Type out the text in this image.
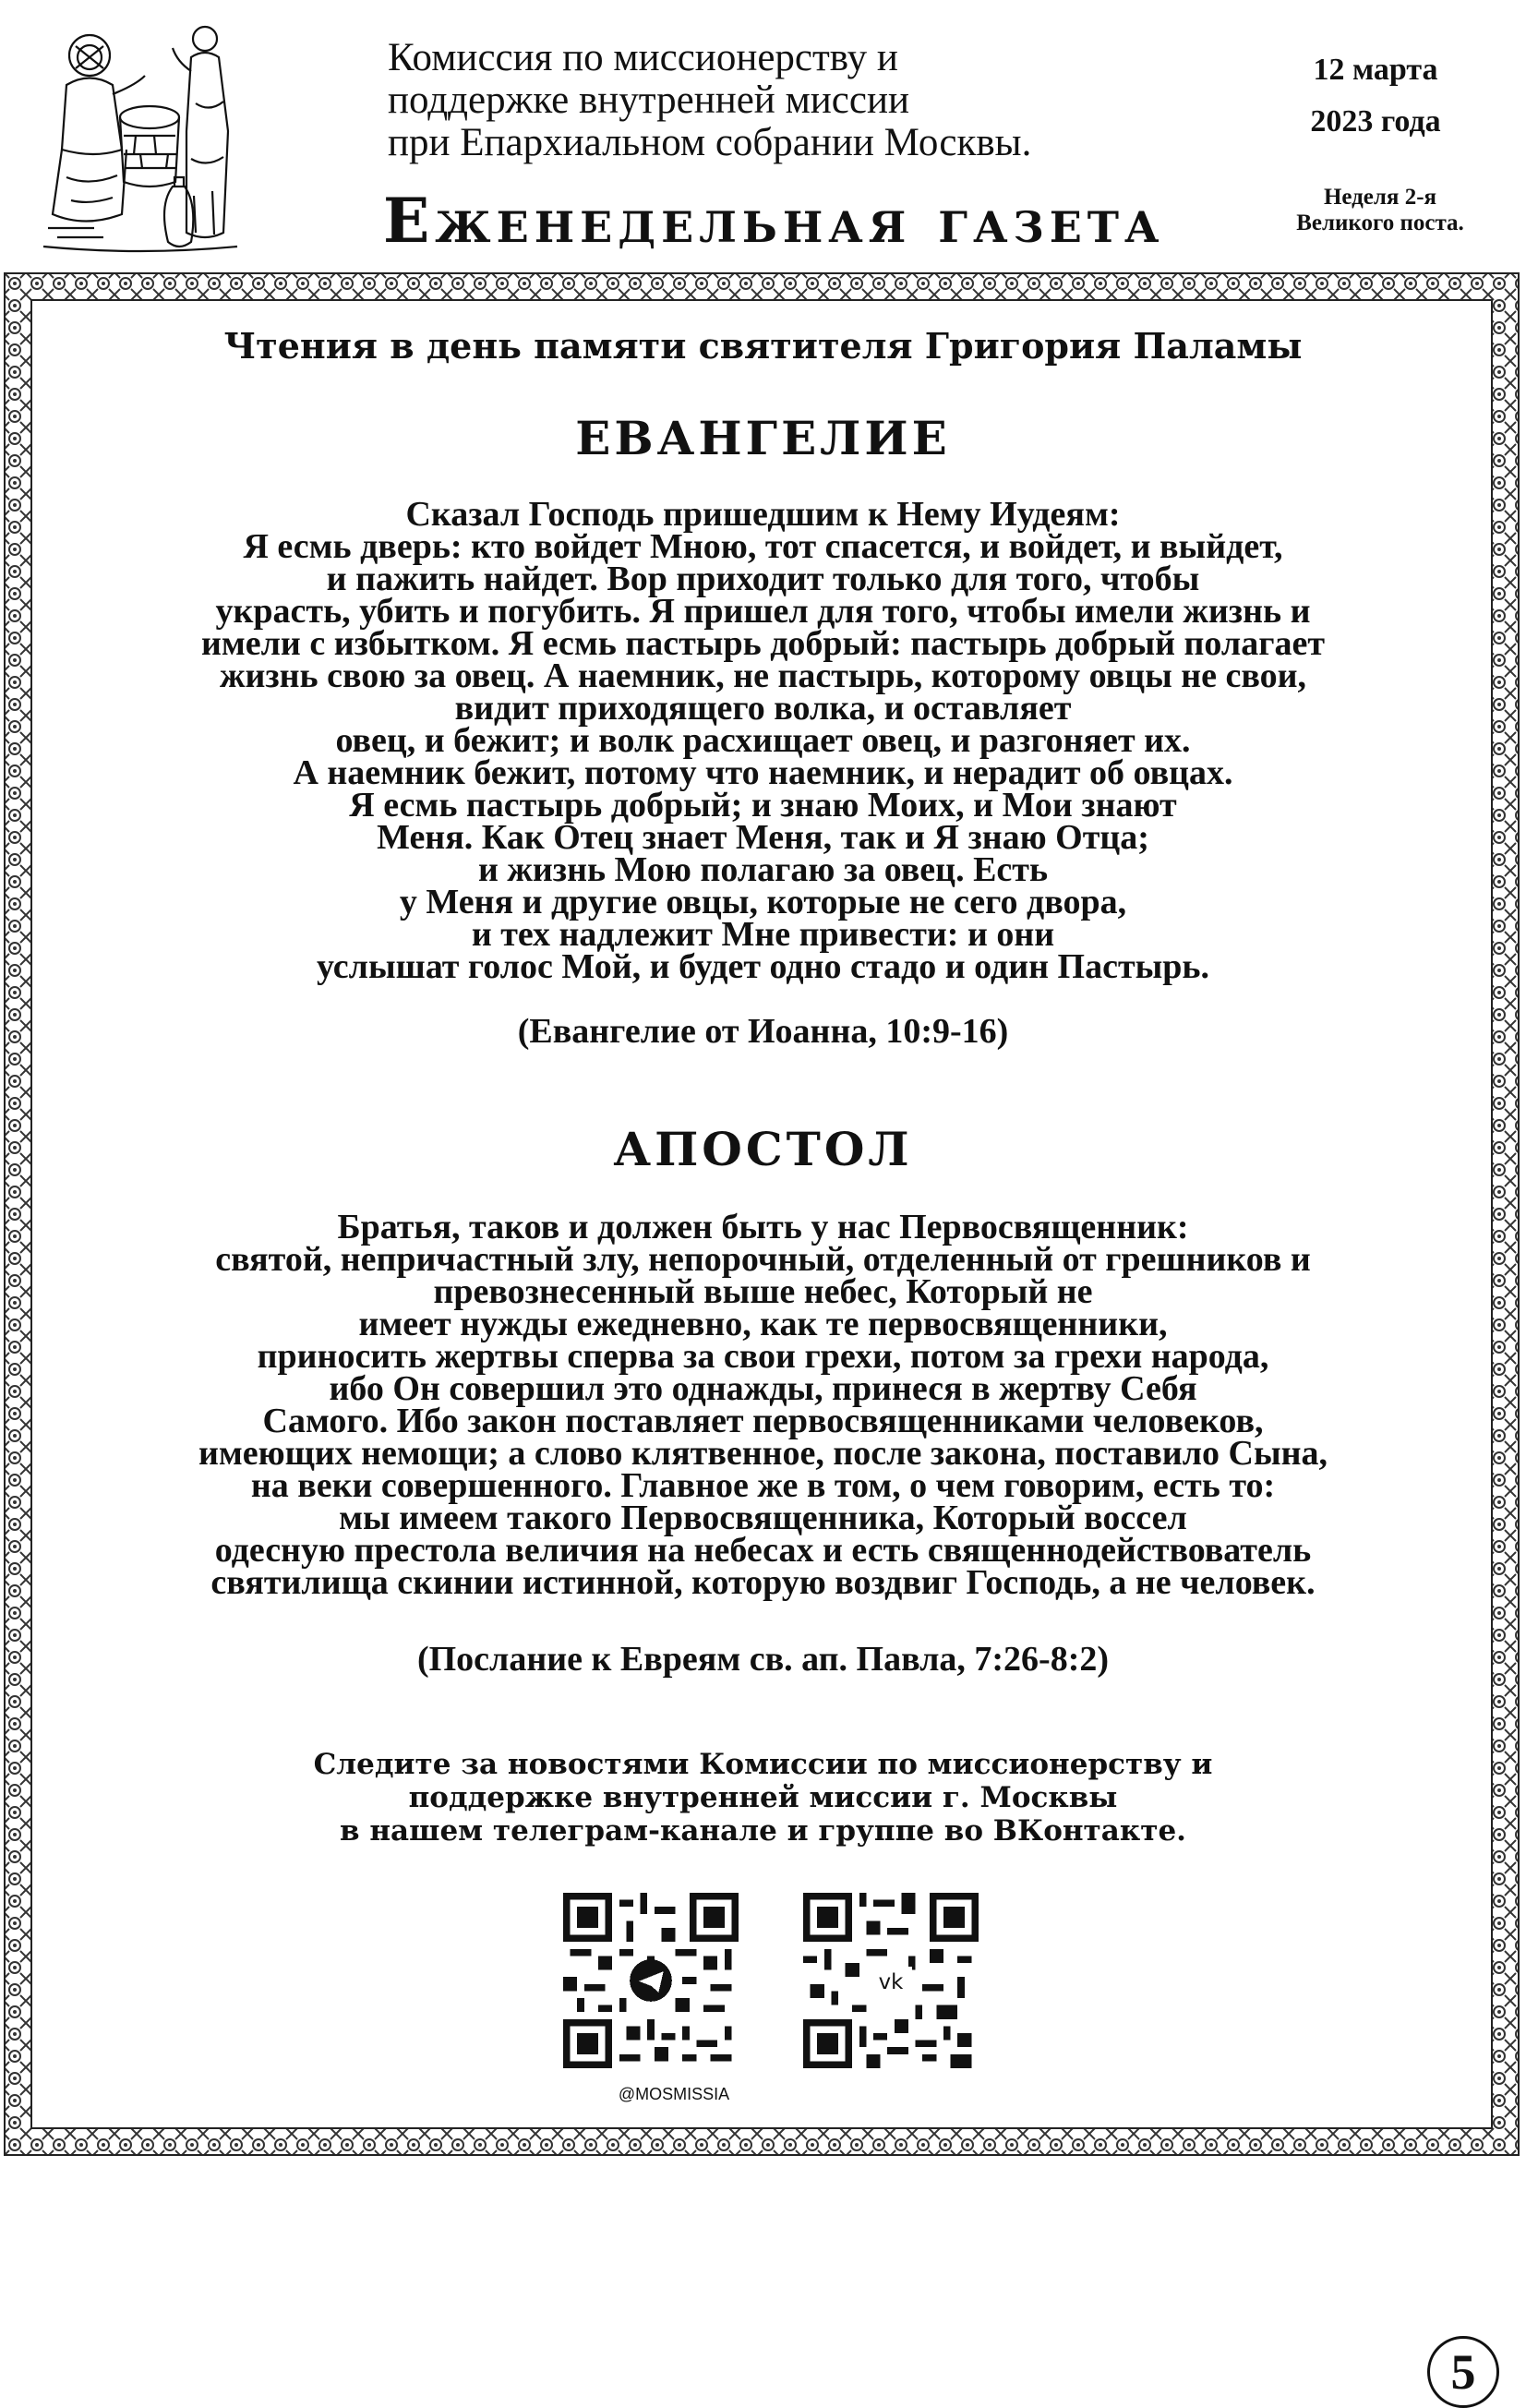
Комиссия по миссионерству и
поддержке внутренней миссии
при Епархиальном собрании Москвы.
Еженедельная газета
12 марта
2023 года
Неделя 2-я
Великого поста.
Чтения в день памяти святителя Григория Паламы
ЕВАНГЕЛИЕ
Сказал Господь пришедшим к Нему Иудеям:
Я есмь дверь: кто войдет Мною, тот спасется, и войдет, и выйдет,
и пажить найдет. Вор приходит только для того, чтобы
украсть, убить и погубить. Я пришел для того, чтобы имели жизнь и
имели с избытком. Я есмь пастырь добрый: пастырь добрый полагает
жизнь свою за овец. А наемник, не пастырь, которому овцы не свои,
видит приходящего волка, и оставляет
овец, и бежит; и волк расхищает овец, и разгоняет их.
А наемник бежит, потому что наемник, и нерадит об овцах.
Я есмь пастырь добрый; и знаю Моих, и Мои знают
Меня. Как Отец знает Меня, так и Я знаю Отца;
и жизнь Мою полагаю за овец. Есть
у Меня и другие овцы, которые не сего двора,
и тех надлежит Мне привести: и они
услышат голос Мой, и будет одно стадо и один Пастырь.
(Евангелие от Иоанна, 10:9-16)
АПОСТОЛ
Братья, таков и должен быть у нас Первосвященник:
святой, непричастный злу, непорочный, отделенный от грешников и
превознесенный выше небес, Который не
имеет нужды ежедневно, как те первосвященники,
приносить жертвы сперва за свои грехи, потом за грехи народа,
ибо Он совершил это однажды, принеся в жертву Себя
Самого. Ибо закон поставляет первосвященниками человеков,
имеющих немощи; а слово клятвенное, после закона, поставило Сына,
на веки совершенного. Главное же в том, о чем говорим, есть то:
мы имеем такого Первосвященника, Который воссел
одесную престола величия на небесах и есть священнодействователь
святилища скинии истинной, которую воздвиг Господь, а не человек.
(Послание к Евреям св. ап. Павла, 7:26-8:2)
Следите за новостями Комиссии по миссионерству и
поддержке внутренней миссии г. Москвы
в нашем телеграм-канале и группе во ВКонтакте.
vk
@MOSMISSIA
5
